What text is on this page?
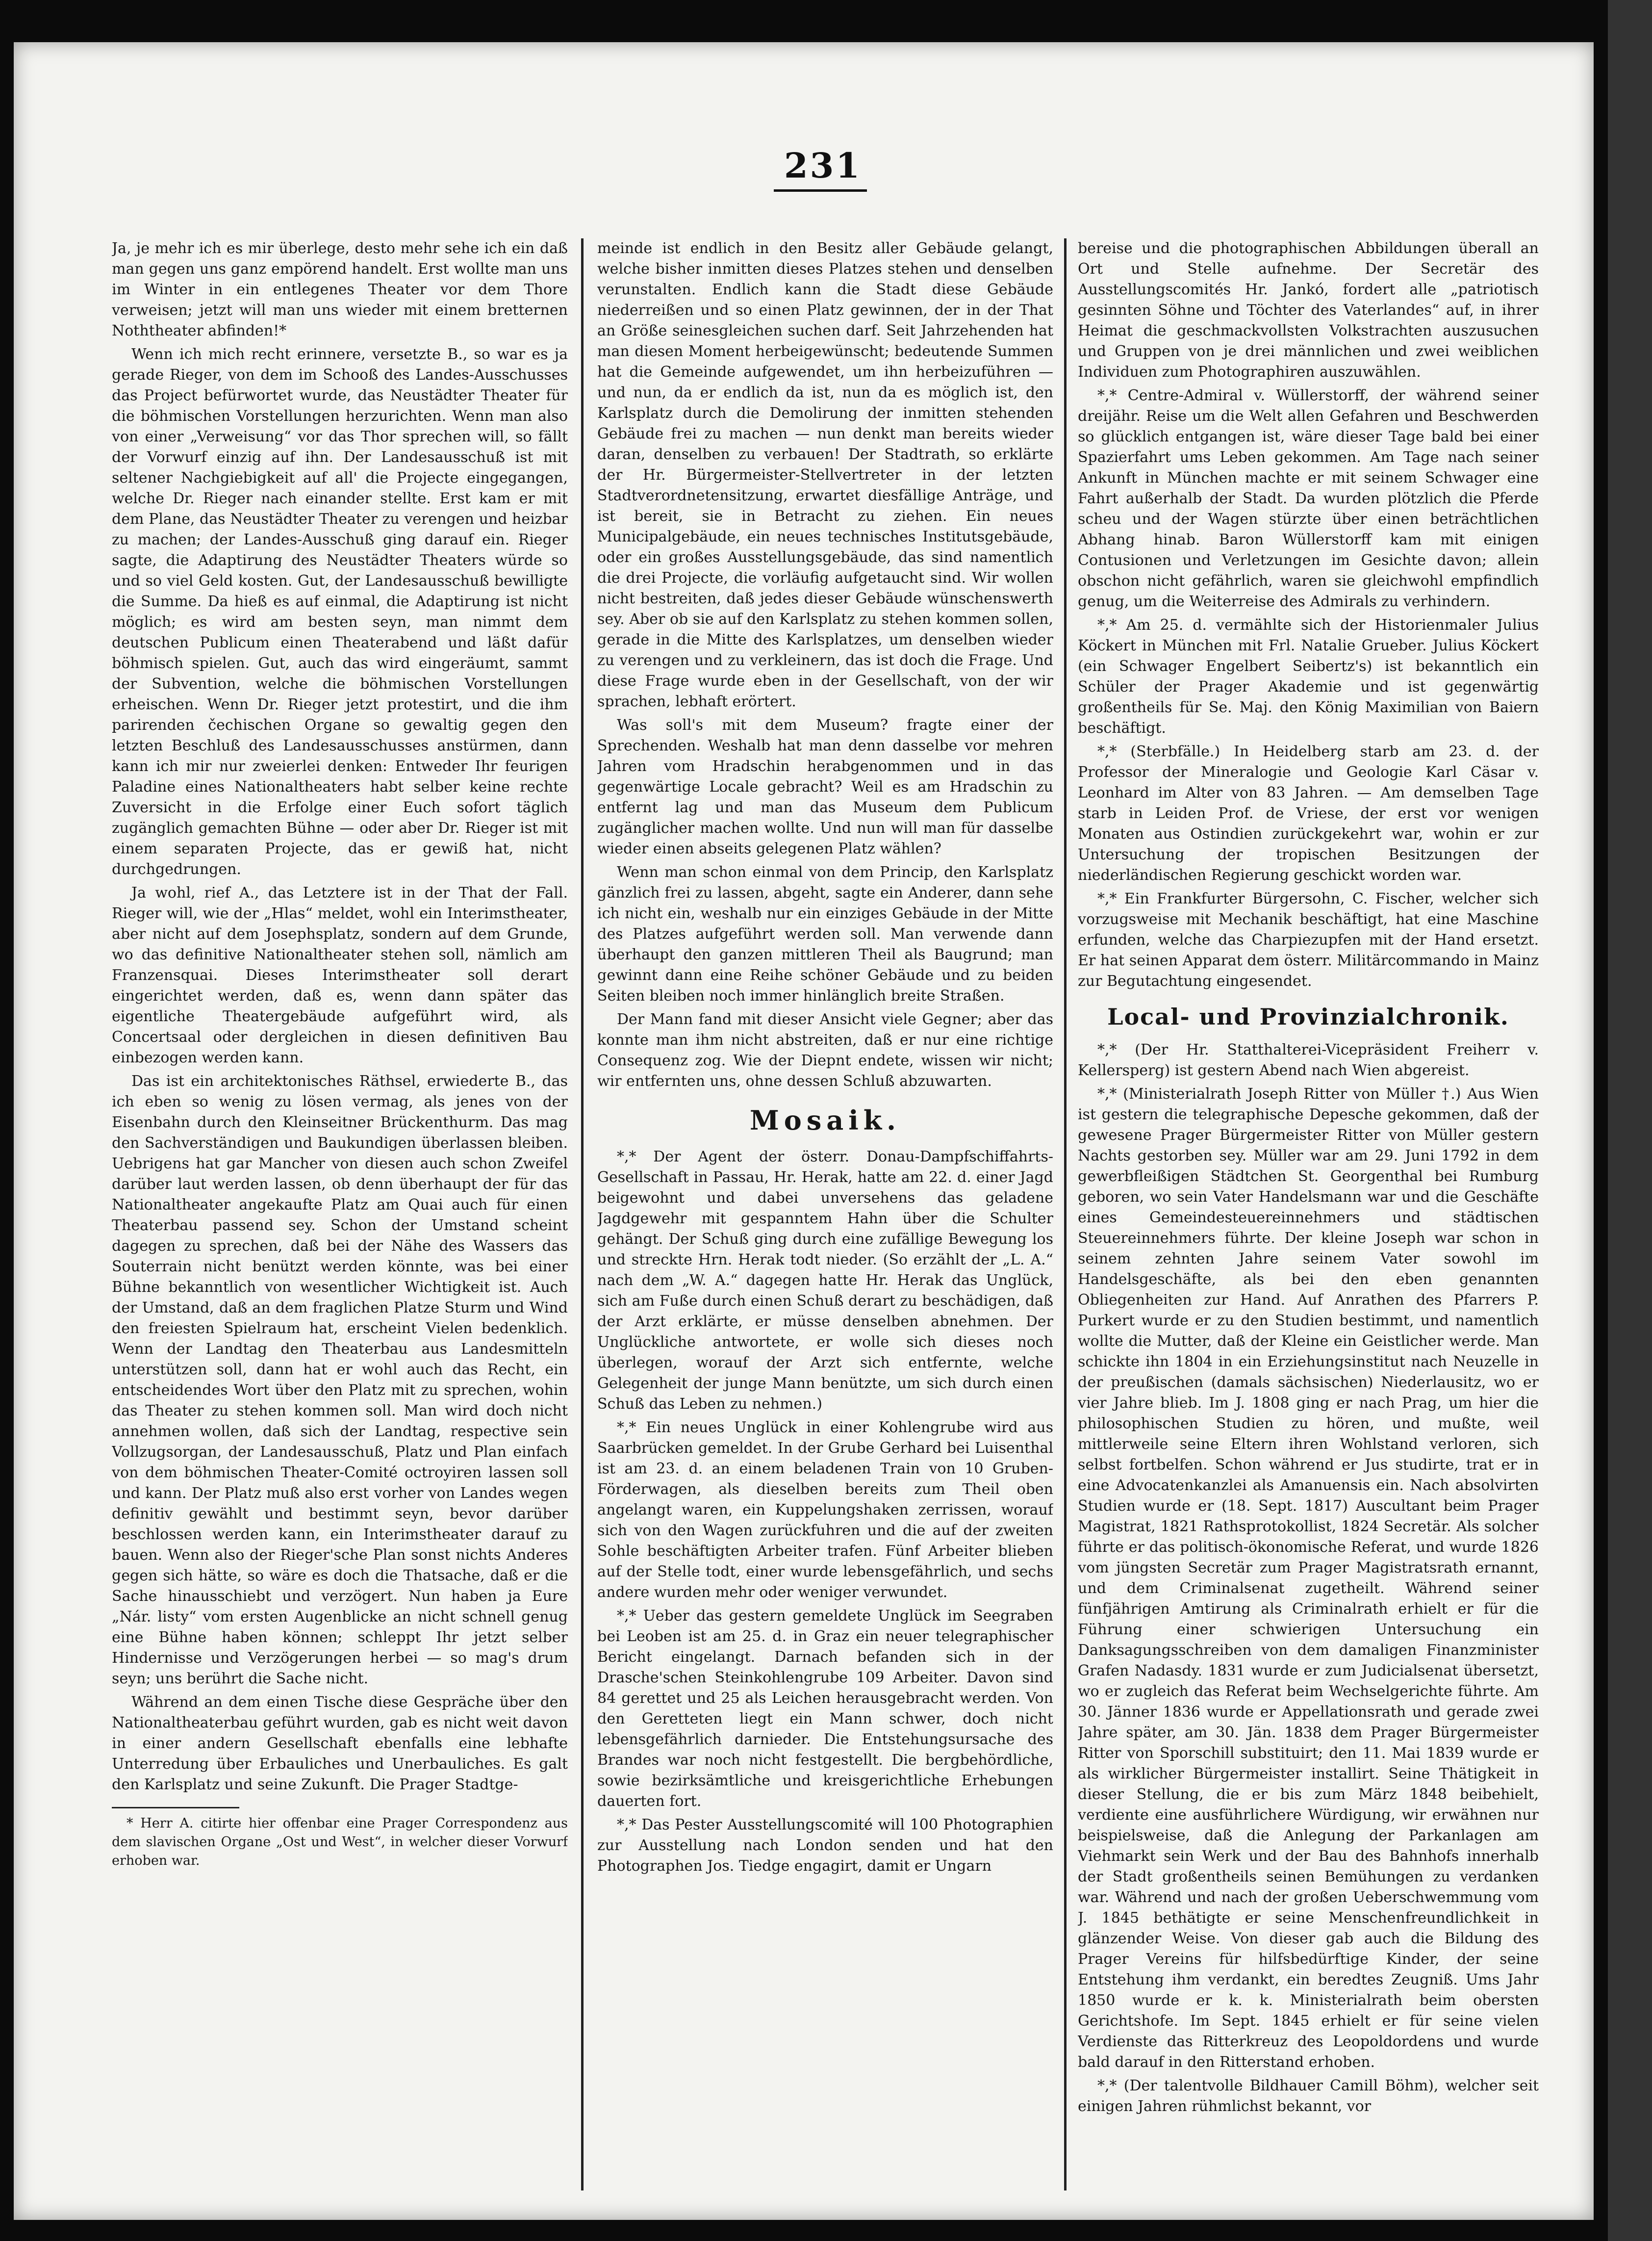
231

Ja, je mehr ich es mir überlege, desto mehr sehe ich ein daß man gegen uns ganz empörend handelt. Erst wollte man uns im Winter in ein entlegenes Theater vor dem Thore verweisen; jetzt will man uns wieder mit einem bretternen Noththeater abfinden!*

Wenn ich mich recht erinnere, versetzte B., so war es ja gerade Rieger, von dem im Schooß des Landes-Ausschusses das Project befürwortet wurde, das Neustädter Theater für die böhmischen Vorstellungen herzurichten. Wenn man also von einer „Verweisung“ vor das Thor sprechen will, so fällt der Vorwurf einzig auf ihn. Der Landesausschuß ist mit seltener Nachgiebigkeit auf all' die Projecte eingegangen, welche Dr. Rieger nach einander stellte. Erst kam er mit dem Plane, das Neustädter Theater zu verengen und heizbar zu machen; der Landes-Ausschuß ging darauf ein. Rieger sagte, die Adaptirung des Neustädter Theaters würde so und so viel Geld kosten. Gut, der Landesausschuß bewilligte die Summe. Da hieß es auf einmal, die Adaptirung ist nicht möglich; es wird am besten seyn, man nimmt dem deutschen Publicum einen Theaterabend und läßt dafür böhmisch spielen. Gut, auch das wird eingeräumt, sammt der Subvention, welche die böhmischen Vorstellungen erheischen. Wenn Dr. Rieger jetzt protestirt, und die ihm parirenden čechischen Organe so gewaltig gegen den letzten Beschluß des Landesausschusses anstürmen, dann kann ich mir nur zweierlei denken: Entweder Ihr feurigen Paladine eines Nationaltheaters habt selber keine rechte Zuversicht in die Erfolge einer Euch sofort täglich zugänglich gemachten Bühne — oder aber Dr. Rieger ist mit einem separaten Projecte, das er gewiß hat, nicht durchgedrungen.

Ja wohl, rief A., das Letztere ist in der That der Fall. Rieger will, wie der „Hlas“ meldet, wohl ein Interimstheater, aber nicht auf dem Josephsplatz, sondern auf dem Grunde, wo das definitive Nationaltheater stehen soll, nämlich am Franzensquai. Dieses Interimstheater soll derart eingerichtet werden, daß es, wenn dann später das eigentliche Theatergebäude aufgeführt wird, als Concertsaal oder dergleichen in diesen definitiven Bau einbezogen werden kann.

Das ist ein architektonisches Räthsel, erwiederte B., das ich eben so wenig zu lösen vermag, als jenes von der Eisenbahn durch den Kleinseitner Brückenthurm. Das mag den Sachverständigen und Baukundigen überlassen bleiben. Uebrigens hat gar Mancher von diesen auch schon Zweifel darüber laut werden lassen, ob denn überhaupt der für das Nationaltheater angekaufte Platz am Quai auch für einen Theaterbau passend sey. Schon der Umstand scheint dagegen zu sprechen, daß bei der Nähe des Wassers das Souterrain nicht benützt werden könnte, was bei einer Bühne bekanntlich von wesentlicher Wichtigkeit ist. Auch der Umstand, daß an dem fraglichen Platze Sturm und Wind den freiesten Spielraum hat, erscheint Vielen bedenklich. Wenn der Landtag den Theaterbau aus Landesmitteln unterstützen soll, dann hat er wohl auch das Recht, ein entscheidendes Wort über den Platz mit zu sprechen, wohin das Theater zu stehen kommen soll. Man wird doch nicht annehmen wollen, daß sich der Landtag, respective sein Vollzugsorgan, der Landesausschuß, Platz und Plan einfach von dem böhmischen Theater-Comité octroyiren lassen soll und kann. Der Platz muß also erst vorher von Landes wegen definitiv gewählt und bestimmt seyn, bevor darüber beschlossen werden kann, ein Interimstheater darauf zu bauen. Wenn also der Rieger'sche Plan sonst nichts Anderes gegen sich hätte, so wäre es doch die Thatsache, daß er die Sache hinausschiebt und verzögert. Nun haben ja Eure „Nár. listy“ vom ersten Augenblicke an nicht schnell genug eine Bühne haben können; schleppt Ihr jetzt selber Hindernisse und Verzögerungen herbei — so mag's drum seyn; uns berührt die Sache nicht.

Während an dem einen Tische diese Gespräche über den Nationaltheaterbau geführt wurden, gab es nicht weit davon in einer andern Gesellschaft ebenfalls eine lebhafte Unterredung über Erbauliches und Unerbauliches. Es galt den Karlsplatz und seine Zukunft. Die Prager Stadtge-

* Herr A. citirte hier offenbar eine Prager Correspondenz aus dem slavischen Organe „Ost und West“, in welcher dieser Vorwurf erhoben war.

meinde ist endlich in den Besitz aller Gebäude gelangt, welche bisher inmitten dieses Platzes stehen und denselben verunstalten. Endlich kann die Stadt diese Gebäude niederreißen und so einen Platz gewinnen, der in der That an Größe seinesgleichen suchen darf. Seit Jahrzehenden hat man diesen Moment herbeigewünscht; bedeutende Summen hat die Gemeinde aufgewendet, um ihn herbeizuführen — und nun, da er endlich da ist, nun da es möglich ist, den Karlsplatz durch die Demolirung der inmitten stehenden Gebäude frei zu machen — nun denkt man bereits wieder daran, denselben zu verbauen! Der Stadtrath, so erklärte der Hr. Bürgermeister-Stellvertreter in der letzten Stadtverordnetensitzung, erwartet diesfällige Anträge, und ist bereit, sie in Betracht zu ziehen. Ein neues Municipalgebäude, ein neues technisches Institutsgebäude, oder ein großes Ausstellungsgebäude, das sind namentlich die drei Projecte, die vorläufig aufgetaucht sind. Wir wollen nicht bestreiten, daß jedes dieser Gebäude wünschenswerth sey. Aber ob sie auf den Karlsplatz zu stehen kommen sollen, gerade in die Mitte des Karlsplatzes, um denselben wieder zu verengen und zu verkleinern, das ist doch die Frage. Und diese Frage wurde eben in der Gesellschaft, von der wir sprachen, lebhaft erörtert.

Was soll's mit dem Museum? fragte einer der Sprechenden. Weshalb hat man denn dasselbe vor mehren Jahren vom Hradschin herabgenommen und in das gegenwärtige Locale gebracht? Weil es am Hradschin zu entfernt lag und man das Museum dem Publicum zugänglicher machen wollte. Und nun will man für dasselbe wieder einen abseits gelegenen Platz wählen?

Wenn man schon einmal von dem Princip, den Karlsplatz gänzlich frei zu lassen, abgeht, sagte ein Anderer, dann sehe ich nicht ein, weshalb nur ein einziges Gebäude in der Mitte des Platzes aufgeführt werden soll. Man verwende dann überhaupt den ganzen mittleren Theil als Baugrund; man gewinnt dann eine Reihe schöner Gebäude und zu beiden Seiten bleiben noch immer hinlänglich breite Straßen.

Der Mann fand mit dieser Ansicht viele Gegner; aber das konnte man ihm nicht abstreiten, daß er nur eine richtige Consequenz zog. Wie der Diepnt endete, wissen wir nicht; wir entfernten uns, ohne dessen Schluß abzuwarten.

Mosaik.

*,* Der Agent der österr. Donau-Dampfschiffahrts-Gesellschaft in Passau, Hr. Herak, hatte am 22. d. einer Jagd beigewohnt und dabei unversehens das geladene Jagdgewehr mit gespanntem Hahn über die Schulter gehängt. Der Schuß ging durch eine zufällige Bewegung los und streckte Hrn. Herak todt nieder. (So erzählt der „L. A.“ nach dem „W. A.“ dagegen hatte Hr. Herak das Unglück, sich am Fuße durch einen Schuß derart zu beschädigen, daß der Arzt erklärte, er müsse denselben abnehmen. Der Unglückliche antwortete, er wolle sich dieses noch überlegen, worauf der Arzt sich entfernte, welche Gelegenheit der junge Mann benützte, um sich durch einen Schuß das Leben zu nehmen.)

*,* Ein neues Unglück in einer Kohlengrube wird aus Saarbrücken gemeldet. In der Grube Gerhard bei Luisenthal ist am 23. d. an einem beladenen Train von 10 Gruben-Förderwagen, als dieselben bereits zum Theil oben angelangt waren, ein Kuppelungshaken zerrissen, worauf sich von den Wagen zurückfuhren und die auf der zweiten Sohle beschäftigten Arbeiter trafen. Fünf Arbeiter blieben auf der Stelle todt, einer wurde lebensgefährlich, und sechs andere wurden mehr oder weniger verwundet.

*,* Ueber das gestern gemeldete Unglück im Seegraben bei Leoben ist am 25. d. in Graz ein neuer telegraphischer Bericht eingelangt. Darnach befanden sich in der Drasche'schen Steinkohlengrube 109 Arbeiter. Davon sind 84 gerettet und 25 als Leichen herausgebracht werden. Von den Geretteten liegt ein Mann schwer, doch nicht lebensgefährlich darnieder. Die Entstehungsursache des Brandes war noch nicht festgestellt. Die bergbehördliche, sowie bezirksämtliche und kreisgerichtliche Erhebungen dauerten fort.

*,* Das Pester Ausstellungscomité will 100 Photographien zur Ausstellung nach London senden und hat den Photographen Jos. Tiedge engagirt, damit er Ungarn

bereise und die photographischen Abbildungen überall an Ort und Stelle aufnehme. Der Secretär des Ausstellungscomités Hr. Jankó, fordert alle „patriotisch gesinnten Söhne und Töchter des Vaterlandes“ auf, in ihrer Heimat die geschmackvollsten Volkstrachten auszusuchen und Gruppen von je drei männlichen und zwei weiblichen Individuen zum Photographiren auszuwählen.

*,* Centre-Admiral v. Wüllerstorff, der während seiner dreijähr. Reise um die Welt allen Gefahren und Beschwerden so glücklich entgangen ist, wäre dieser Tage bald bei einer Spazierfahrt ums Leben gekommen. Am Tage nach seiner Ankunft in München machte er mit seinem Schwager eine Fahrt außerhalb der Stadt. Da wurden plötzlich die Pferde scheu und der Wagen stürzte über einen beträchtlichen Abhang hinab. Baron Wüllerstorff kam mit einigen Contusionen und Verletzungen im Gesichte davon; allein obschon nicht gefährlich, waren sie gleichwohl empfindlich genug, um die Weiterreise des Admirals zu verhindern.

*,* Am 25. d. vermählte sich der Historienmaler Julius Köckert in München mit Frl. Natalie Grueber. Julius Köckert (ein Schwager Engelbert Seibertz's) ist bekanntlich ein Schüler der Prager Akademie und ist gegenwärtig großentheils für Se. Maj. den König Maximilian von Baiern beschäftigt.

*,* (Sterbfälle.) In Heidelberg starb am 23. d. der Professor der Mineralogie und Geologie Karl Cäsar v. Leonhard im Alter von 83 Jahren. — Am demselben Tage starb in Leiden Prof. de Vriese, der erst vor wenigen Monaten aus Ostindien zurückgekehrt war, wohin er zur Untersuchung der tropischen Besitzungen der niederländischen Regierung geschickt worden war.

*,* Ein Frankfurter Bürgersohn, C. Fischer, welcher sich vorzugsweise mit Mechanik beschäftigt, hat eine Maschine erfunden, welche das Charpiezupfen mit der Hand ersetzt. Er hat seinen Apparat dem österr. Militärcommando in Mainz zur Begutachtung eingesendet.

Local- und Provinzialchronik.

*,* (Der Hr. Statthalterei-Vicepräsident Freiherr v. Kellersperg) ist gestern Abend nach Wien abgereist.

*,* (Ministerialrath Joseph Ritter von Müller †.) Aus Wien ist gestern die telegraphische Depesche gekommen, daß der gewesene Prager Bürgermeister Ritter von Müller gestern Nachts gestorben sey. Müller war am 29. Juni 1792 in dem gewerbfleißigen Städtchen St. Georgenthal bei Rumburg geboren, wo sein Vater Handelsmann war und die Geschäfte eines Gemeindesteuereinnehmers und städtischen Steuereinnehmers führte. Der kleine Joseph war schon in seinem zehnten Jahre seinem Vater sowohl im Handelsgeschäfte, als bei den eben genannten Obliegenheiten zur Hand. Auf Anrathen des Pfarrers P. Purkert wurde er zu den Studien bestimmt, und namentlich wollte die Mutter, daß der Kleine ein Geistlicher werde. Man schickte ihn 1804 in ein Erziehungsinstitut nach Neuzelle in der preußischen (damals sächsischen) Niederlausitz, wo er vier Jahre blieb. Im J. 1808 ging er nach Prag, um hier die philosophischen Studien zu hören, und mußte, weil mittlerweile seine Eltern ihren Wohlstand verloren, sich selbst fortbelfen. Schon während er Jus studirte, trat er in eine Advocatenkanzlei als Amanuensis ein. Nach absolvirten Studien wurde er (18. Sept. 1817) Auscultant beim Prager Magistrat, 1821 Rathsprotokollist, 1824 Secretär. Als solcher führte er das politisch-ökonomische Referat, und wurde 1826 vom jüngsten Secretär zum Prager Magistratsrath ernannt, und dem Criminalsenat zugetheilt. Während seiner fünfjährigen Amtirung als Criminalrath erhielt er für die Führung einer schwierigen Untersuchung ein Danksagungsschreiben von dem damaligen Finanzminister Grafen Nadasdy. 1831 wurde er zum Judicialsenat übersetzt, wo er zugleich das Referat beim Wechselgerichte führte. Am 30. Jänner 1836 wurde er Appellationsrath und gerade zwei Jahre später, am 30. Jän. 1838 dem Prager Bürgermeister Ritter von Sporschill substituirt; den 11. Mai 1839 wurde er als wirklicher Bürgermeister installirt. Seine Thätigkeit in dieser Stellung, die er bis zum März 1848 beibehielt, verdiente eine ausführlichere Würdigung, wir erwähnen nur beispielsweise, daß die Anlegung der Parkanlagen am Viehmarkt sein Werk und der Bau des Bahnhofs innerhalb der Stadt großentheils seinen Bemühungen zu verdanken war. Während und nach der großen Ueberschwemmung vom J. 1845 bethätigte er seine Menschenfreundlichkeit in glänzender Weise. Von dieser gab auch die Bildung des Prager Vereins für hilfsbedürftige Kinder, der seine Entstehung ihm verdankt, ein beredtes Zeugniß. Ums Jahr 1850 wurde er k. k. Ministerialrath beim obersten Gerichtshofe. Im Sept. 1845 erhielt er für seine vielen Verdienste das Ritterkreuz des Leopoldordens und wurde bald darauf in den Ritterstand erhoben.

*,* (Der talentvolle Bildhauer Camill Böhm), welcher seit einigen Jahren rühmlichst bekannt, vor
